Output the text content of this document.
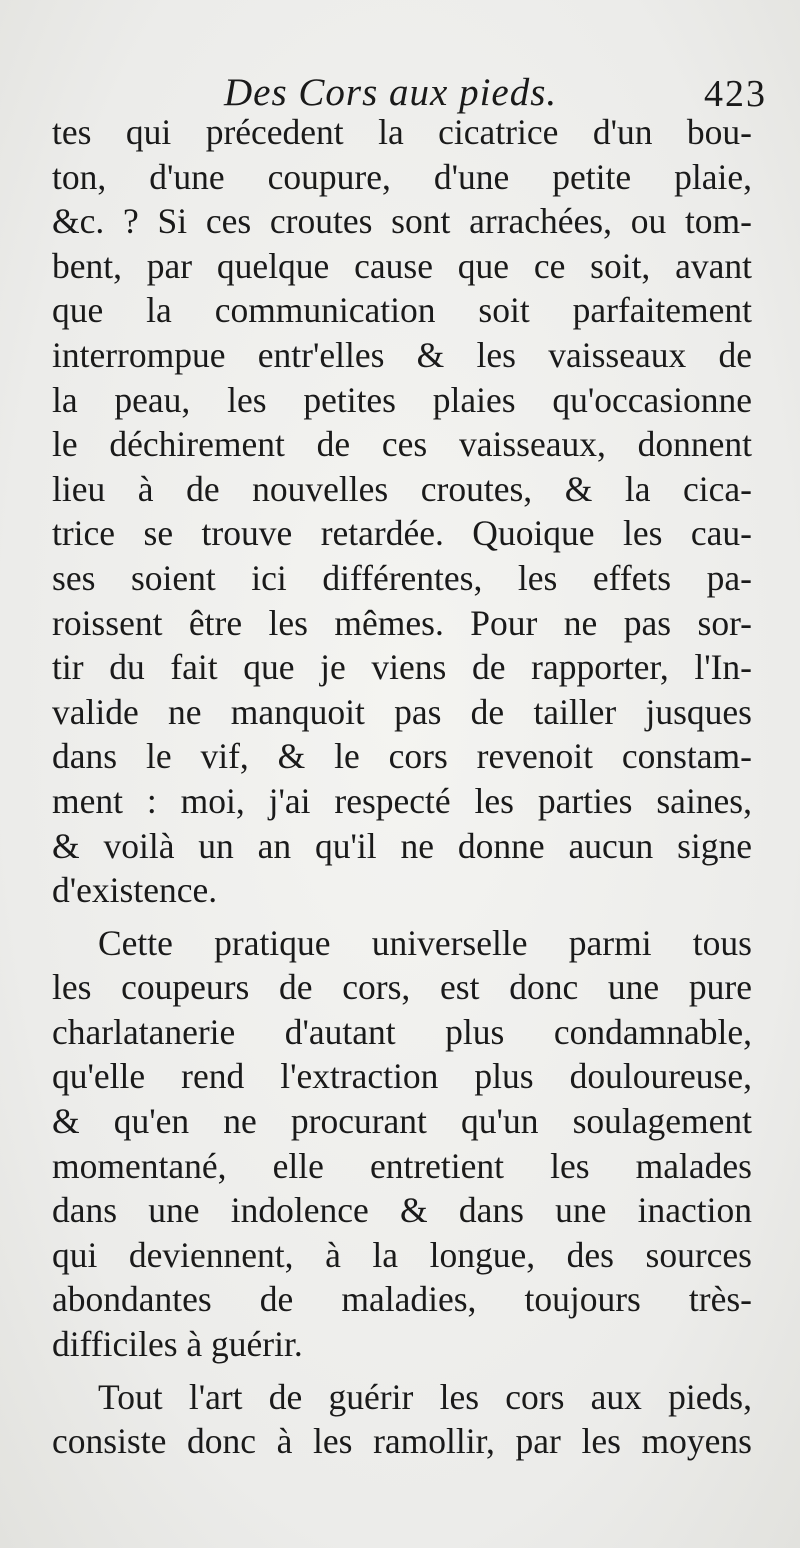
Des Cors aux pieds.	423
tes qui précedent la cicatrice d'un bou-
ton, d'une coupure, d'une petite plaie,
&c. ? Si ces croutes sont arrachées, ou tom-
bent, par quelque cause que ce soit, avant
que la communication soit parfaitement
interrompue entr'elles & les vaisseaux de
la peau, les petites plaies qu'occasionne
le déchirement de ces vaisseaux, donnent
lieu à de nouvelles croutes, & la cica-
trice se trouve retardée. Quoique les cau-
ses soient ici différentes, les effets pa-
roissent être les mêmes. Pour ne pas sor-
tir du fait que je viens de rapporter, l'In-
valide ne manquoit pas de tailler jusques
dans le vif, & le cors revenoit constam-
ment : moi, j'ai respecté les parties saines,
& voilà un an qu'il ne donne aucun signe
d'existence.
Cette pratique universelle parmi tous
les coupeurs de cors, est donc une pure
charlatanerie d'autant plus condamnable,
qu'elle rend l'extraction plus douloureuse,
& qu'en ne procurant qu'un soulagement
momentané, elle entretient les malades
dans une indolence & dans une inaction
qui deviennent, à la longue, des sources
abondantes de maladies, toujours très-
difficiles à guérir.
Tout l'art de guérir les cors aux pieds,
consiste donc à les ramollir, par les moyens
